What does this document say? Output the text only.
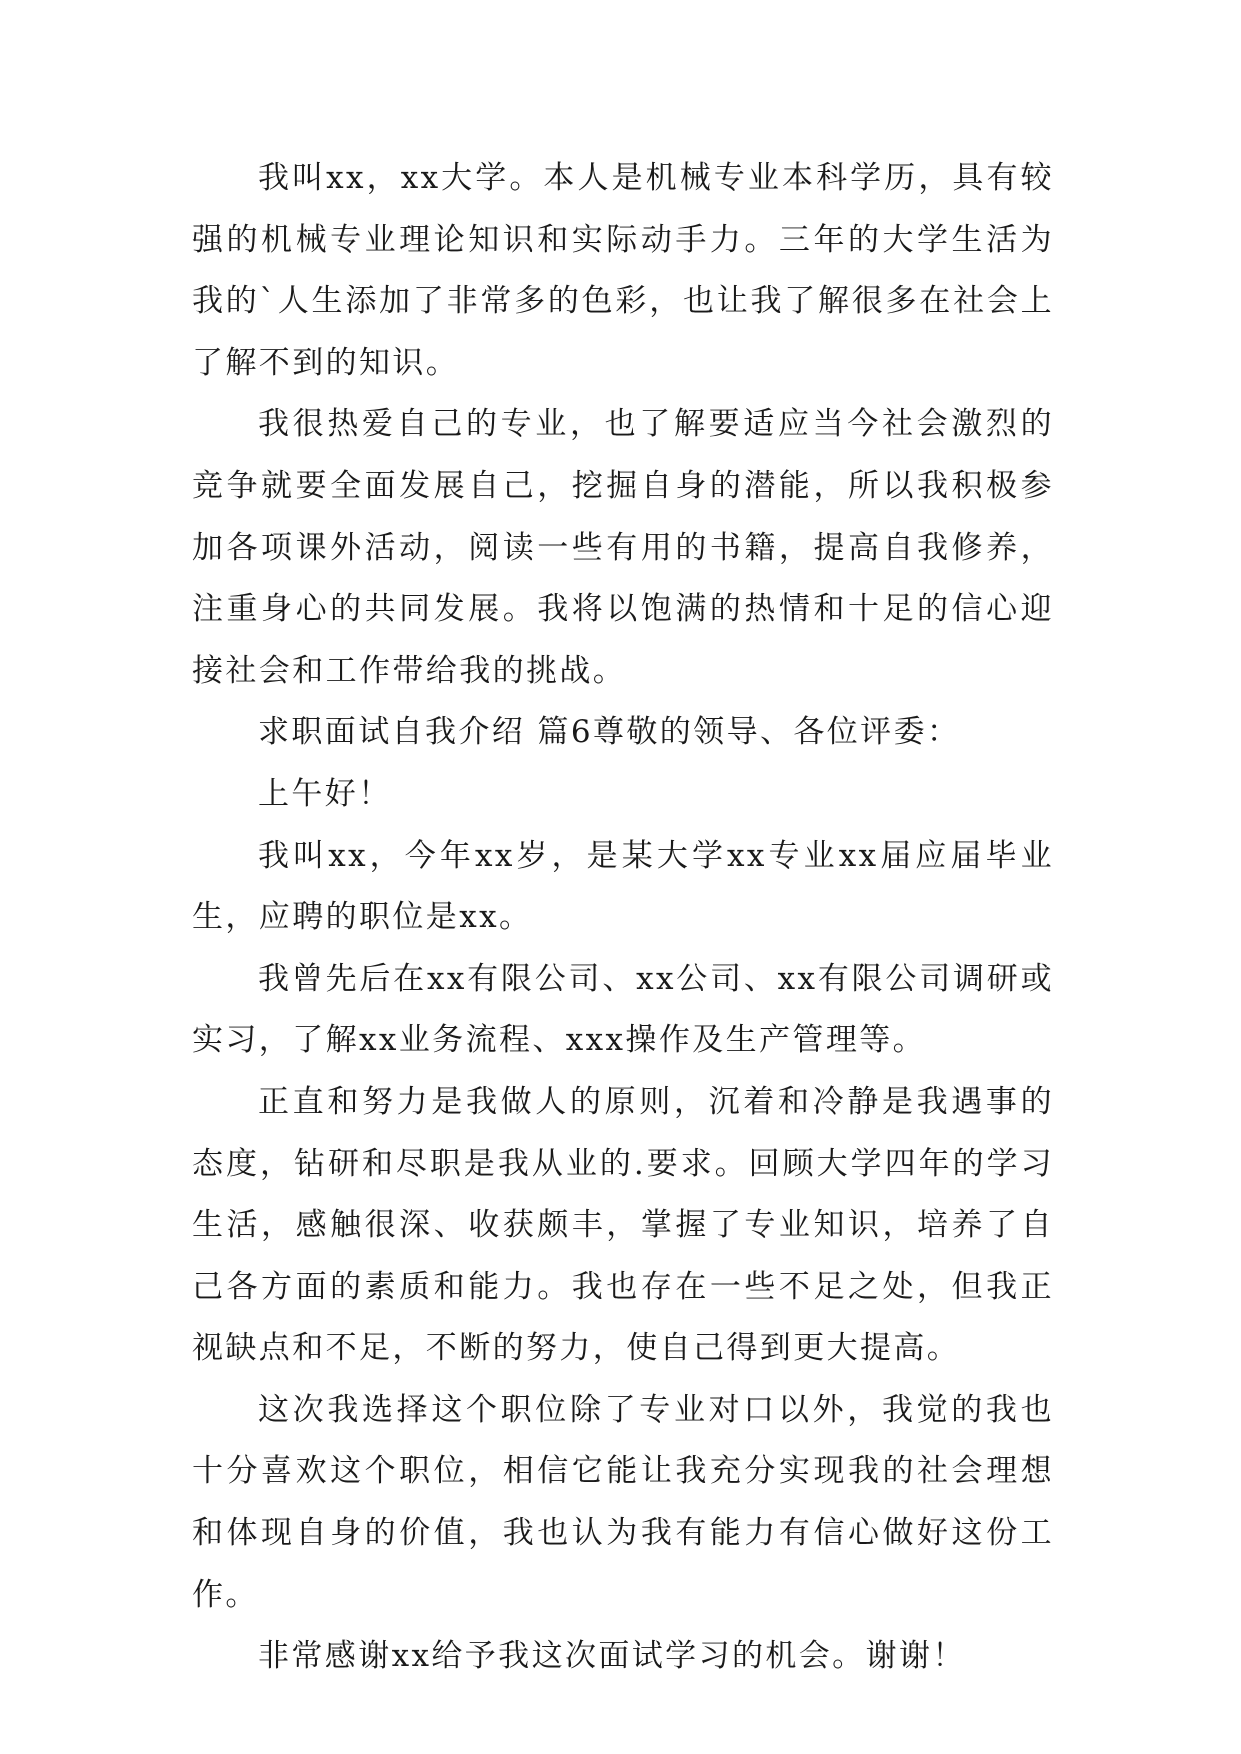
我叫xx，xx大学。本人是机械专业本科学历，具有较强的机械专业理论知识和实际动手力。三年的大学生活为我的`人生添加了非常多的色彩，也让我了解很多在社会上了解不到的知识。

我很热爱自己的专业，也了解要适应当今社会激烈的竞争就要全面发展自己，挖掘自身的潜能，所以我积极参加各项课外活动，阅读一些有用的书籍，提高自我修养，注重身心的共同发展。我将以饱满的热情和十足的信心迎接社会和工作带给我的挑战。

求职面试自我介绍 篇6尊敬的领导、各位评委：

上午好！

我叫xx，今年xx岁，是某大学xx专业xx届应届毕业生，应聘的职位是xx。

我曾先后在xx有限公司、xx公司、xx有限公司调研或实习，了解xx业务流程、xxx操作及生产管理等。

正直和努力是我做人的原则，沉着和冷静是我遇事的态度，钻研和尽职是我从业的.要求。回顾大学四年的学习生活，感触很深、收获颇丰，掌握了专业知识，培养了自己各方面的素质和能力。我也存在一些不足之处，但我正视缺点和不足，不断的努力，使自己得到更大提高。

这次我选择这个职位除了专业对口以外，我觉的我也十分喜欢这个职位，相信它能让我充分实现我的社会理想和体现自身的价值，我也认为我有能力有信心做好这份工作。

非常感谢xx给予我这次面试学习的机会。谢谢！
